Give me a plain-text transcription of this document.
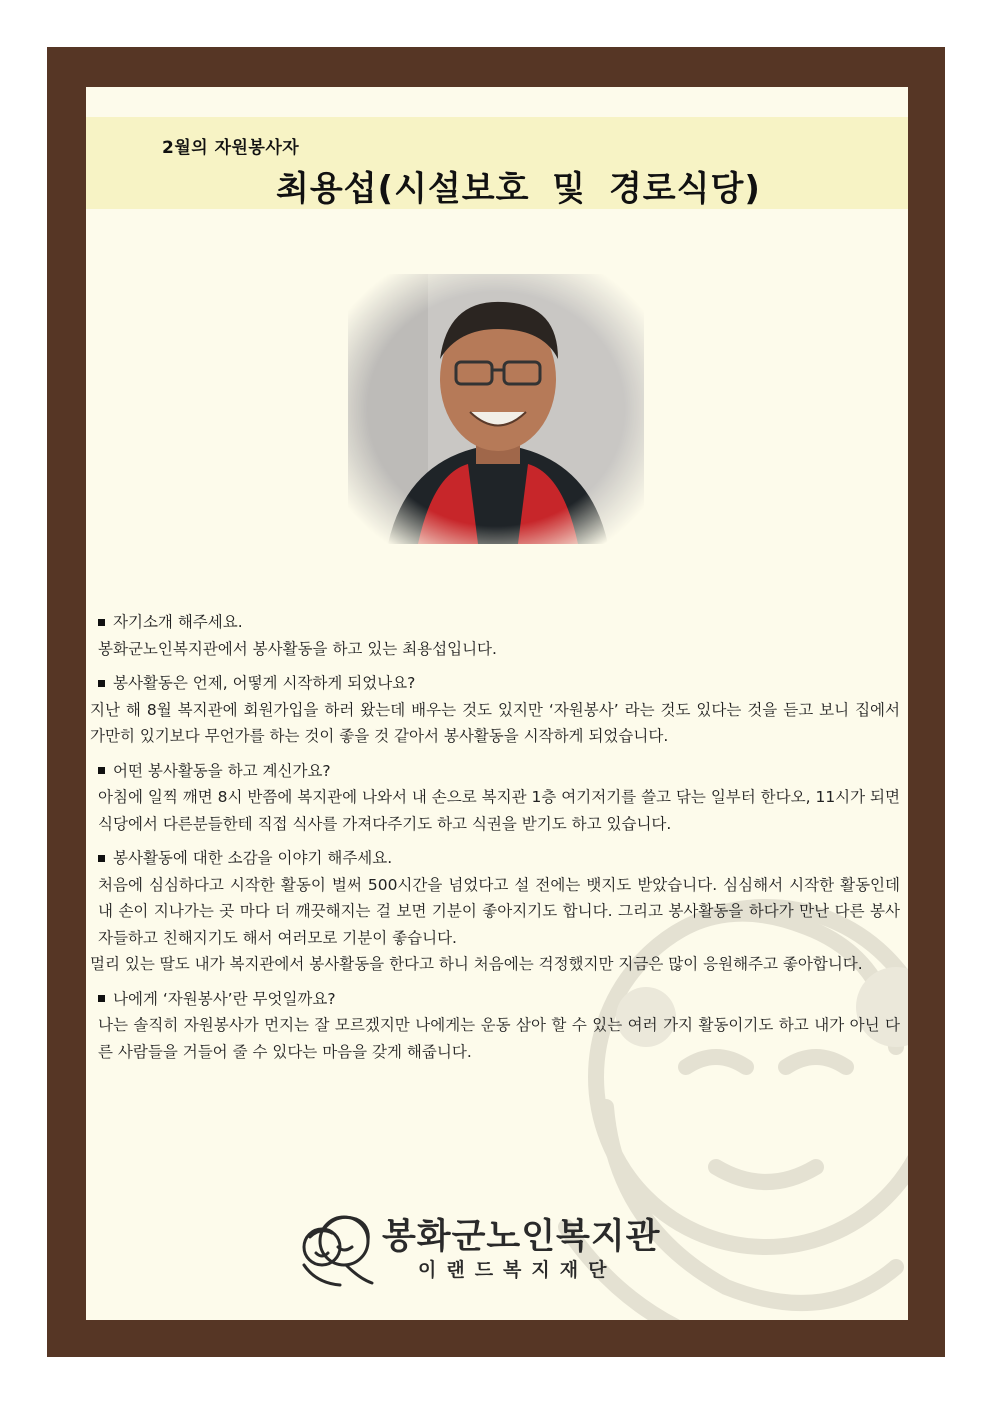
2월의 자원봉사자
최용섭(시설보호 및 경로식당)

자기소개 해주세요.

봉화군노인복지관에서 봉사활동을 하고 있는 최용섭입니다.

봉사활동은 언제, 어떻게 시작하게 되었나요?

지난 해 8월 복지관에 회원가입을 하러 왔는데 배우는 것도 있지만 ‘자원봉사’ 라는 것도 있다는 것을 듣고 보니 집에서 가만히 있기보다 무언가를 하는 것이 좋을 것 같아서 봉사활동을 시작하게 되었습니다.

어떤 봉사활동을 하고 계신가요?

아침에 일찍 깨면 8시 반쯤에 복지관에 나와서 내 손으로 복지관 1층 여기저기를 쓸고 닦는 일부터 한다오, 11시가 되면 식당에서 다른분들한테 직접 식사를 가져다주기도 하고 식권을 받기도 하고 있습니다.

봉사활동에 대한 소감을 이야기 해주세요.

처음에 심심하다고 시작한 활동이 벌써 500시간을 넘었다고 설 전에는 뱃지도 받았습니다. 심심해서 시작한 활동인데 내 손이 지나가는 곳 마다 더 깨끗해지는 걸 보면 기분이 좋아지기도 합니다. 그리고 봉사활동을 하다가 만난 다른 봉사자들하고 친해지기도 해서 여러모로 기분이 좋습니다.

멀리 있는 딸도 내가 복지관에서 봉사활동을 한다고 하니 처음에는 걱정했지만 지금은 많이 응원해주고 좋아합니다.

나에게 ‘자원봉사’란 무엇일까요?

나는 솔직히 자원봉사가 먼지는 잘 모르겠지만 나에게는 운동 삼아 할 수 있는 여러 가지 활동이기도 하고 내가 아닌 다른 사람들을 거들어 줄 수 있다는 마음을 갖게 해줍니다.

봉화군노인복지관
이랜드복지재단
